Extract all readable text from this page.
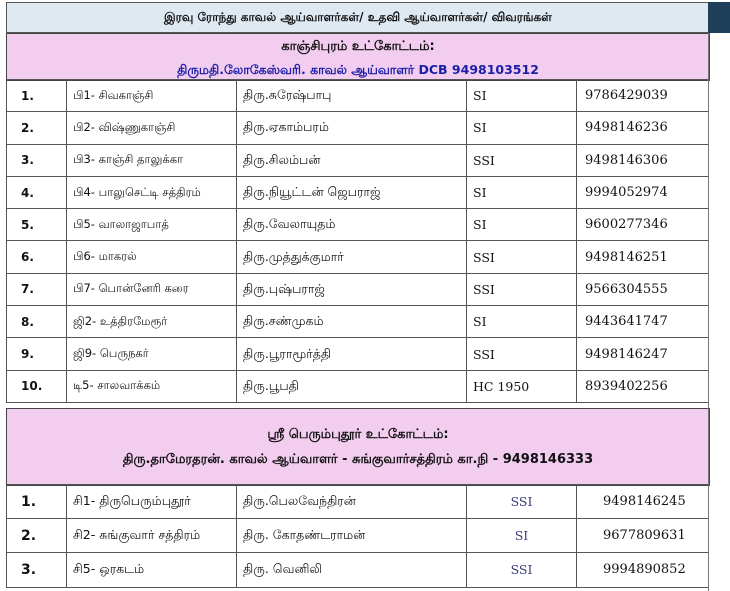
இரவு ரோந்து காவல் ஆய்வாளர்கள்/ உதவி ஆய்வாளர்கள்/ விவரங்கள்
காஞ்சிபுரம் உட்கோட்டம்:
திருமதி.லோகேஸ்வரி. காவல் ஆய்வாளர் DCB 9498103512
1.	பி1- சிவகாஞ்சி	திரு.சுரேஷ்பாபு	SI	9786429039
2.	பி2- விஷ்ணுகாஞ்சி	திரு.ஏகாம்பரம்	SI	9498146236
3.	பி3- காஞ்சி தாலுக்கா	திரு.சிலம்பன்	SSI	9498146306
4.	பி4- பாலுசெட்டி சத்திரம்	திரு.நியூட்டன் ஜெபராஜ்	SI	9994052974
5.	பி5- வாலாஜாபாத்	திரு.வேலாயுதம்	SI	9600277346
6.	பி6- மாகரல்	திரு.முத்துக்குமார்	SSI	9498146251
7.	பி7- பொன்னேரி கரை	திரு.புஷ்பராஜ்	SSI	9566304555
8.	ஜி2- உத்திரமேரூர்	திரு.சண்முகம்	SI	9443641747
9.	ஜி9- பெருநகர்	திரு.பூராமூர்த்தி	SSI	9498146247
10.	டி5- சாலவாக்கம்	திரு.பூபதி	HC 1950	8939402256
ஸ்ரீ பெரும்புதூர் உட்கோட்டம்:
திரு.தாமேரதரன். காவல் ஆய்வாளர் - சுங்குவார்சத்திரம் கா.நி - 9498146333
1.	சி1- திருபெரும்புதூர்	திரு.பெலவேந்திரன்	SSI	9498146245
2.	சி2- சுங்குவார் சத்திரம்	திரு. கோதண்டராமன்	SI	9677809631
3.	சி5- ஒரகடம்	திரு. வெனிலி	SSI	9994890852
